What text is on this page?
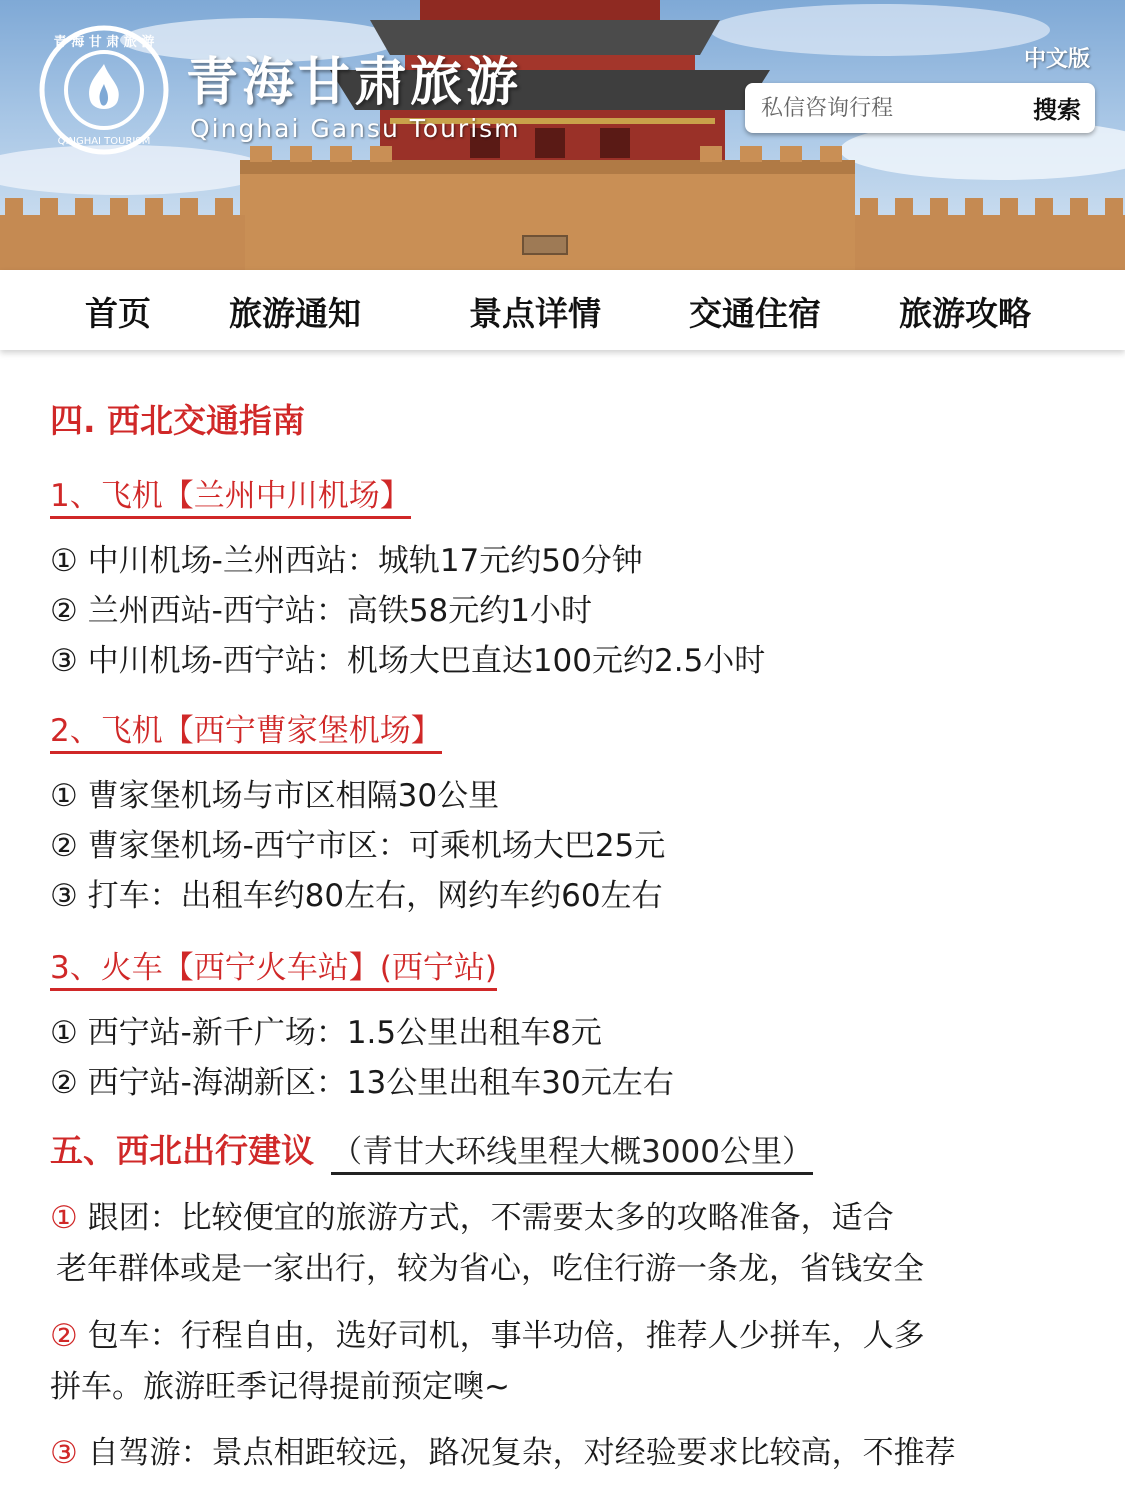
青 海 甘 肃 旅 游
QINGHAI TOURISM
青海甘肃旅游
Qinghai Gansu Tourism
中文版
私信咨询行程
搜索
首页 旅游通知	景点详情	交通住宿 旅游攻略
四. 西北交通指南
1、飞机【兰州中川机场】
① 中川机场-兰州西站：城轨17元约50分钟
② 兰州西站-西宁站：高铁58元约1小时
③ 中川机场-西宁站：机场大巴直达100元约2.5小时
2、飞机【西宁曹家堡机场】
① 曹家堡机场与市区相隔30公里
② 曹家堡机场-西宁市区：可乘机场大巴25元
③ 打车：出租车约80左右，网约车约60左右
3、火车【西宁火车站】(西宁站)
① 西宁站-新千广场：1.5公里出租车8元
② 西宁站-海湖新区：13公里出租车30元左右
五、西北出行建议 （青甘大环线里程大概3000公里）
① 跟团：比较便宜的旅游方式，不需要太多的攻略准备，适合
老年群体或是一家出行，较为省心，吃住行游一条龙，省钱安全
② 包车：行程自由，选好司机，事半功倍，推荐人少拼车，人多
拼车。旅游旺季记得提前预定噢~
③ 自驾游：景点相距较远，路况复杂，对经验要求比较高，不推荐
